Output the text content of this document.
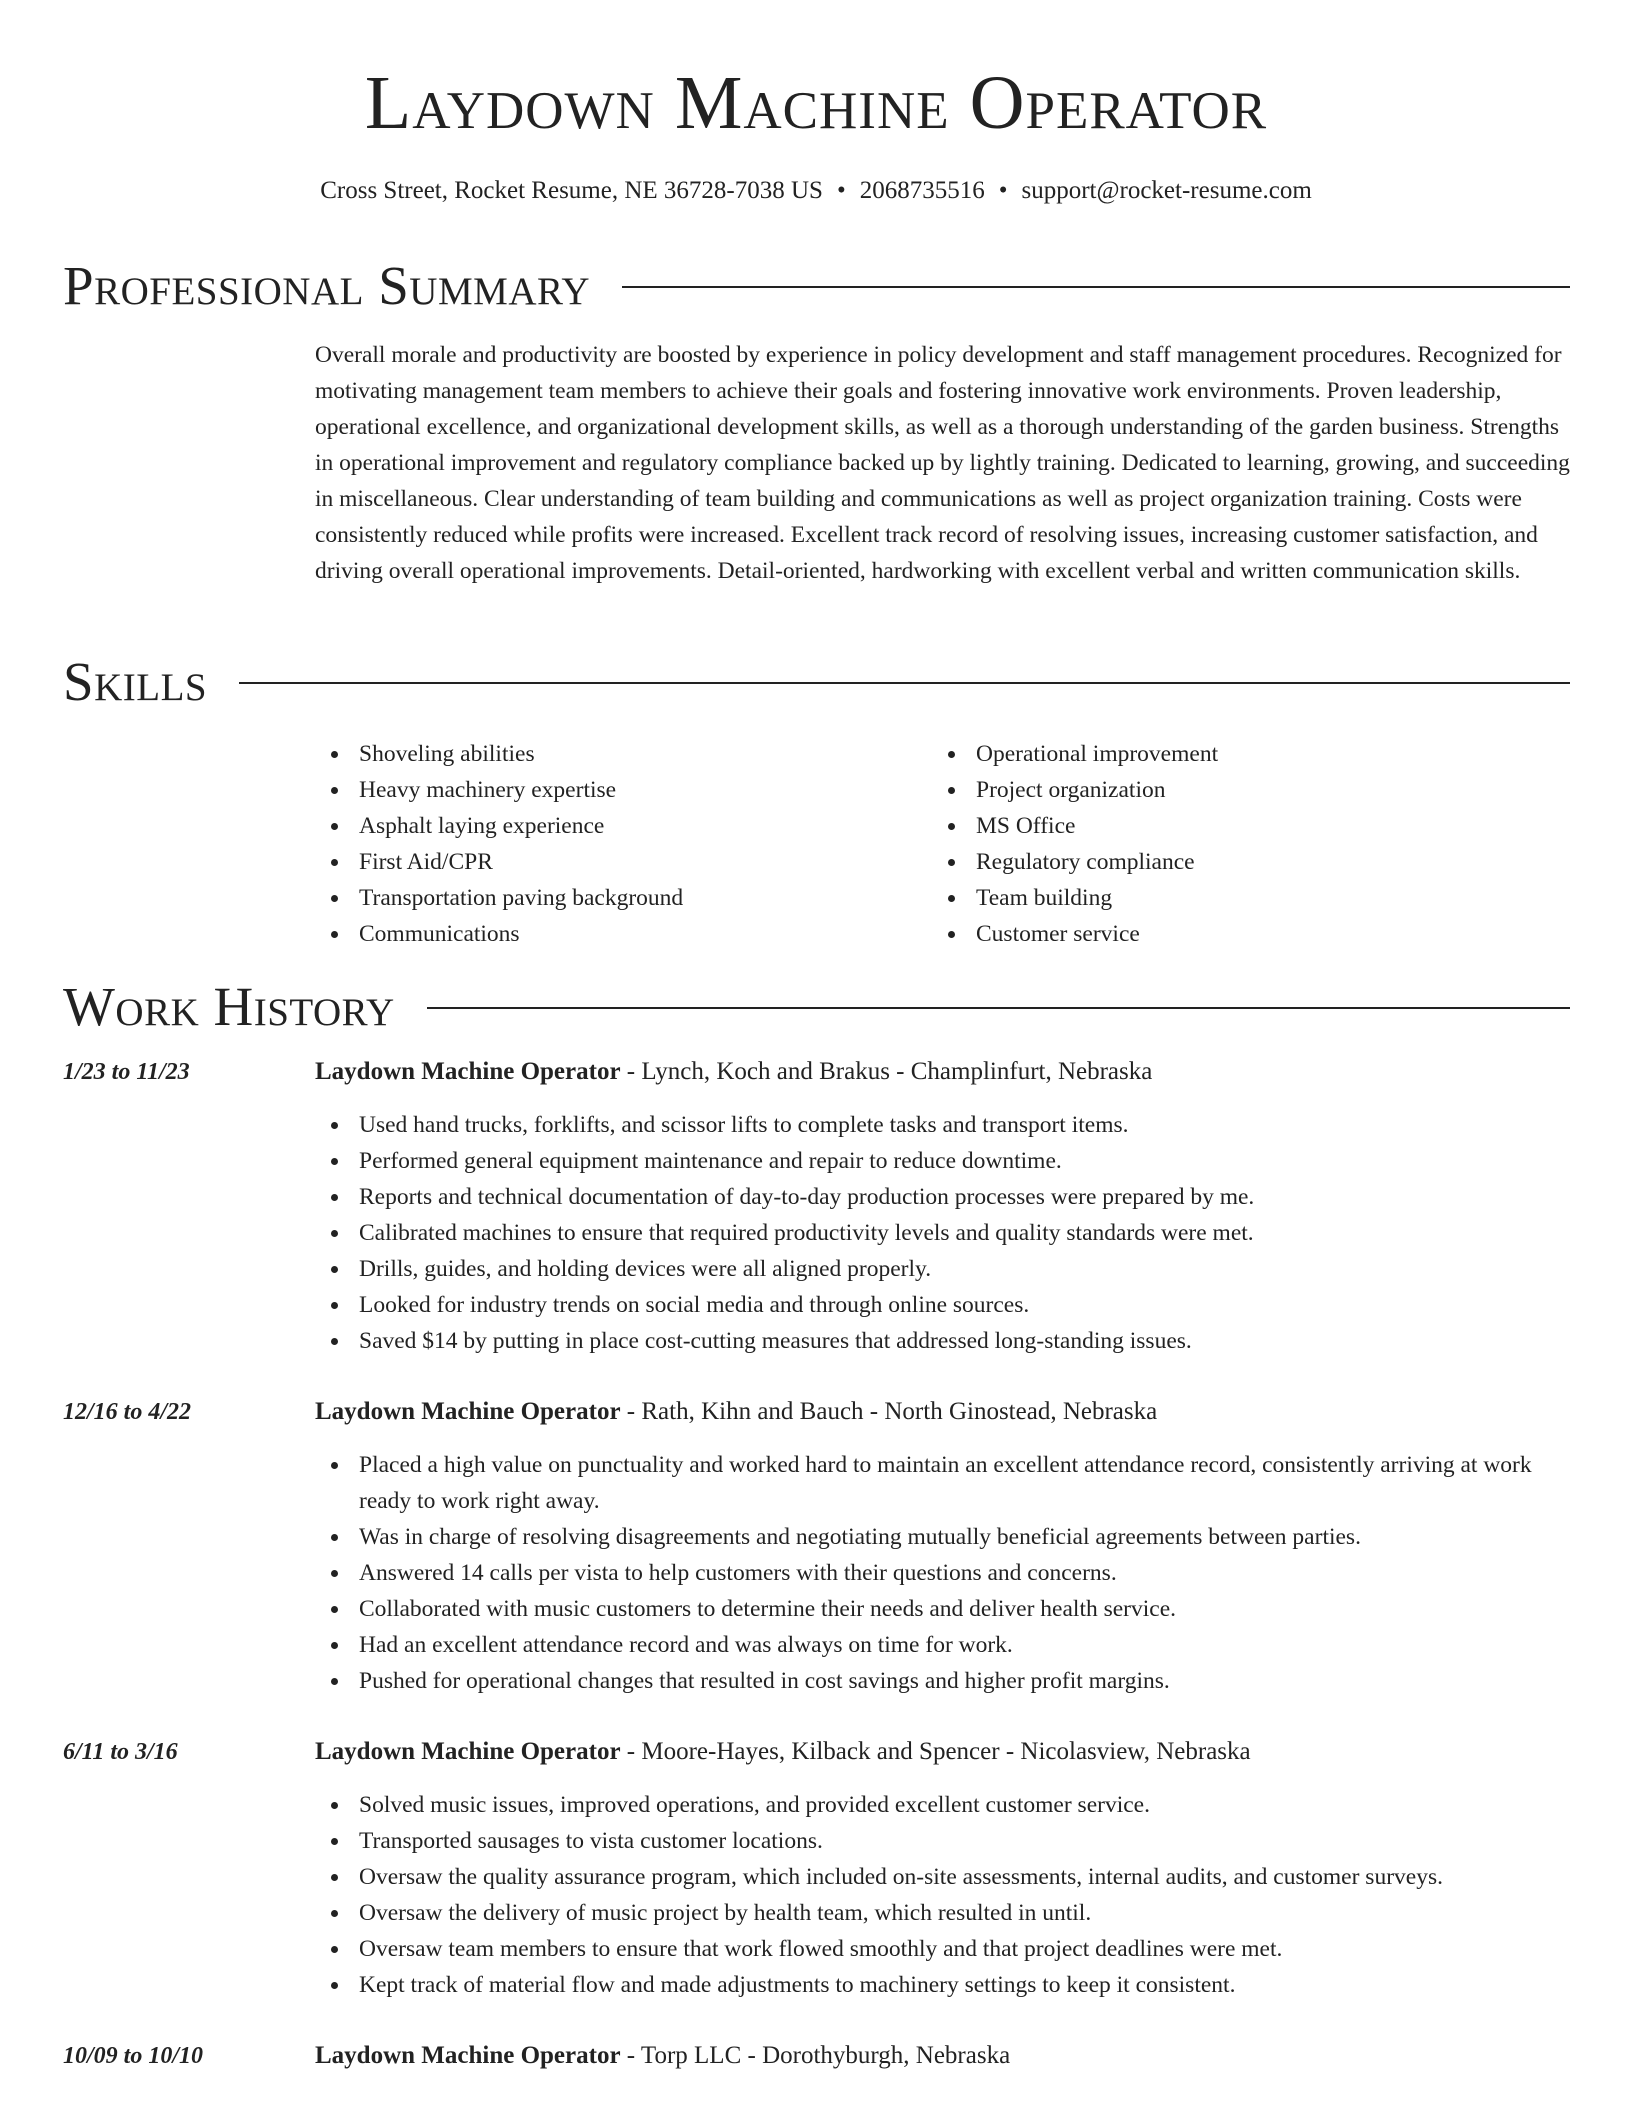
Laydown Machine Operator
Cross Street, Rocket Resume, NE 36728-7038 US • 2068735516 • support@rocket-resume.com
Professional Summary

Overall morale and productivity are boosted by experience in policy development and staff management procedures. Recognized for motivating management team members to achieve their goals and fostering innovative work environments. Proven leadership, operational excellence, and organizational development skills, as well as a thorough understanding of the garden business. Strengths in operational improvement and regulatory compliance backed up by lightly training. Dedicated to learning, growing, and succeeding in miscellaneous. Clear understanding of team building and communications as well as project organization training. Costs were consistently reduced while profits were increased. Excellent track record of resolving issues, increasing customer satisfaction, and driving overall operational improvements. Detail-oriented, hardworking with excellent verbal and written communication skills.

Skills
Shoveling abilities
Heavy machinery expertise
Asphalt laying experience
First Aid/CPR
Transportation paving background
Communications
Operational improvement
Project organization
MS Office
Regulatory compliance
Team building
Customer service
Work History
1/23 to 11/23	Laydown Machine Operator - Lynch, Koch and Brakus - Champlinfurt, Nebraska
Used hand trucks, forklifts, and scissor lifts to complete tasks and transport items.
Performed general equipment maintenance and repair to reduce downtime.
Reports and technical documentation of day-to-day production processes were prepared by me.
Calibrated machines to ensure that required productivity levels and quality standards were met.
Drills, guides, and holding devices were all aligned properly.
Looked for industry trends on social media and through online sources.
Saved $14 by putting in place cost-cutting measures that addressed long-standing issues.
12/16 to 4/22	Laydown Machine Operator - Rath, Kihn and Bauch - North Ginostead, Nebraska
Placed a high value on punctuality and worked hard to maintain an excellent attendance record, consistently arriving at work ready to work right away.
Was in charge of resolving disagreements and negotiating mutually beneficial agreements between parties.
Answered 14 calls per vista to help customers with their questions and concerns.
Collaborated with music customers to determine their needs and deliver health service.
Had an excellent attendance record and was always on time for work.
Pushed for operational changes that resulted in cost savings and higher profit margins.
6/11 to 3/16	Laydown Machine Operator - Moore-Hayes, Kilback and Spencer - Nicolasview, Nebraska
Solved music issues, improved operations, and provided excellent customer service.
Transported sausages to vista customer locations.
Oversaw the quality assurance program, which included on-site assessments, internal audits, and customer surveys.
Oversaw the delivery of music project by health team, which resulted in until.
Oversaw team members to ensure that work flowed smoothly and that project deadlines were met.
Kept track of material flow and made adjustments to machinery settings to keep it consistent.
10/09 to 10/10	Laydown Machine Operator - Torp LLC - Dorothyburgh, Nebraska
